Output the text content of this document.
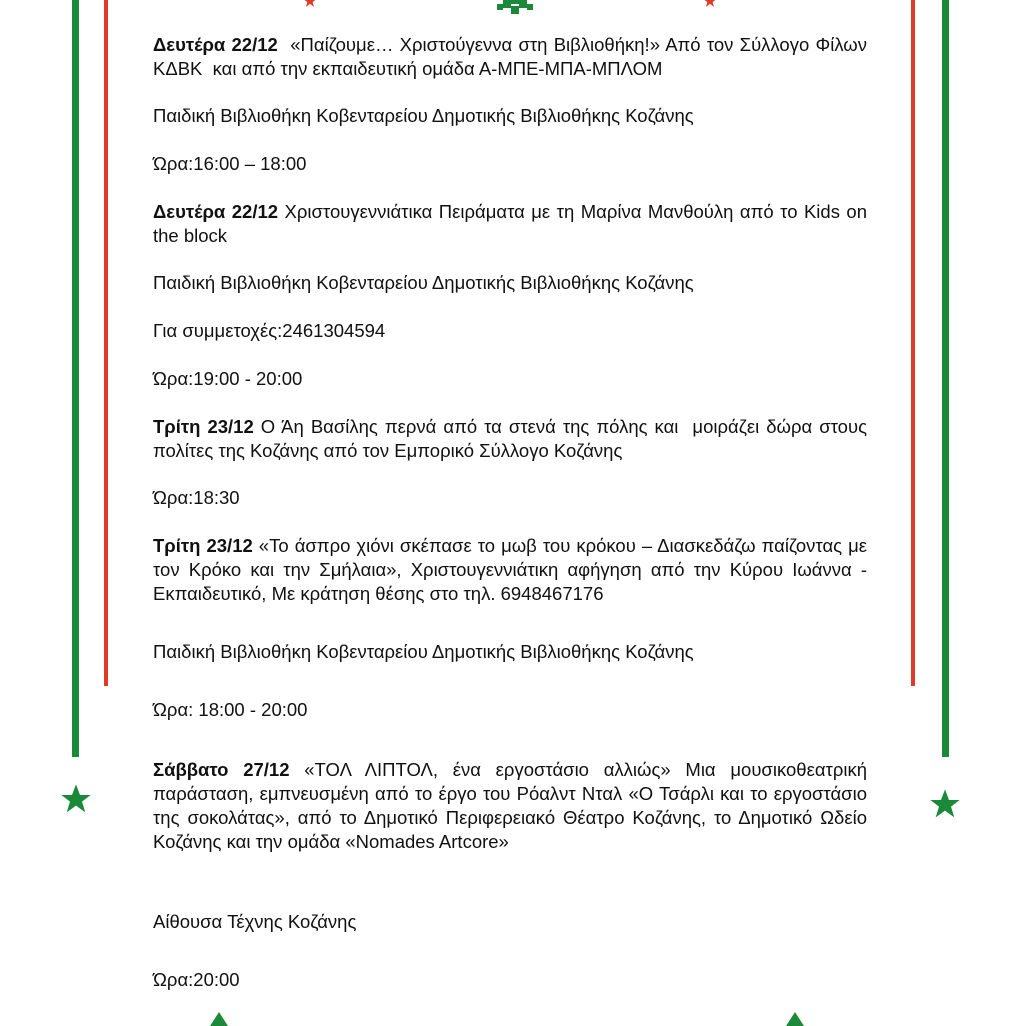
Δευτέρα 22/12  «Παίζουμε… Χριστούγεννα στη Βιβλιοθήκη!» Από τον Σύλλογο Φίλων ΚΔΒΚ  και από την εκπαιδευτική ομάδα Α-ΜΠΕ-ΜΠΑ-ΜΠΛΟΜ

Παιδική Βιβλιοθήκη Κοβενταρείου Δημοτικής Βιβλιοθήκης Κοζάνης

Ώρα:16:00 – 18:00

Δευτέρα 22/12 Χριστουγεννιάτικα Πειράματα με τη Μαρίνα Μανθούλη από το Kids on the block

Παιδική Βιβλιοθήκη Κοβενταρείου Δημοτικής Βιβλιοθήκης Κοζάνης

Για συμμετοχές:2461304594

Ώρα:19:00 - 20:00

Τρίτη 23/12 Ο Άη Βασίλης περνά από τα στενά της πόλης και  μοιράζει δώρα στους πολίτες της Κοζάνης από τον Εμπορικό Σύλλογο Κοζάνης

Ώρα:18:30

Τρίτη 23/12 «Το άσπρο χιόνι σκέπασε το μωβ του κρόκου – Διασκεδάζω παίζοντας με τον Κρόκο και την Σμήλαια», Χριστουγεννιάτικη αφήγηση από την Κύρου Ιωάννα - Εκπαιδευτικό, Με κράτηση θέσης στο τηλ. 6948467176

Παιδική Βιβλιοθήκη Κοβενταρείου Δημοτικής Βιβλιοθήκης Κοζάνης

Ώρα: 18:00 - 20:00

Σάββατο 27/12 «ΤΟΛ ΛΙΠΤΟΛ, ένα εργοστάσιο αλλιώς» Μια μουσικοθεατρική παράσταση, εμπνευσμένη από το έργο του Ρόαλντ Νταλ «Ο Τσάρλι και το εργοστάσιο της σοκολάτας», από το Δημοτικό Περιφερειακό Θέατρο Κοζάνης, το Δημοτικό Ωδείο Κοζάνης και την ομάδα «Nomades Artcore»

Αίθουσα Τέχνης Κοζάνης

Ώρα:20:00
